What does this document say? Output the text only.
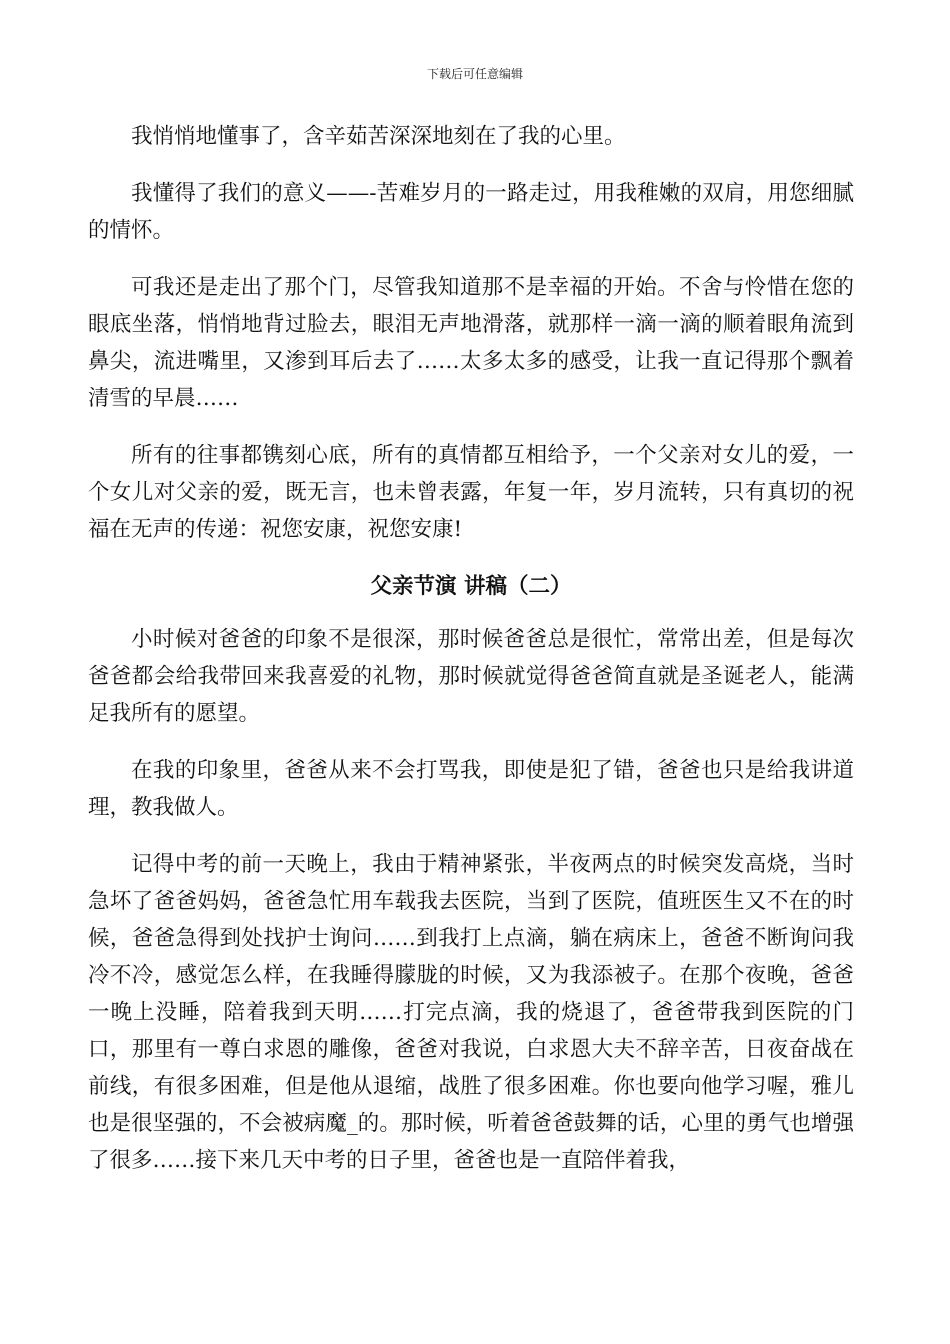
下载后可任意编辑

我悄悄地懂事了，含辛茹苦深深地刻在了我的心里。

我懂得了我们的意义——-苦难岁月的一路走过，用我稚嫩的双肩，用您细腻的情怀。

可我还是走出了那个门，尽管我知道那不是幸福的开始。不舍与怜惜在您的眼底坐落，悄悄地背过脸去，眼泪无声地滑落，就那样一滴一滴的顺着眼角流到鼻尖，流进嘴里，又渗到耳后去了……太多太多的感受，让我一直记得那个飘着清雪的早晨……

所有的往事都镌刻心底，所有的真情都互相给予，一个父亲对女儿的爱，一个女儿对父亲的爱，既无言，也未曾表露，年复一年，岁月流转，只有真切的祝福在无声的传递：祝您安康，祝您安康!

父亲节演 讲稿（二）

小时候对爸爸的印象不是很深，那时候爸爸总是很忙，常常出差，但是每次爸爸都会给我带回来我喜爱的礼物，那时候就觉得爸爸简直就是圣诞老人，能满足我所有的愿望。

在我的印象里，爸爸从来不会打骂我，即使是犯了错，爸爸也只是给我讲道理，教我做人。

记得中考的前一天晚上，我由于精神紧张，半夜两点的时候突发高烧，当时急坏了爸爸妈妈，爸爸急忙用车载我去医院，当到了医院，值班医生又不在的时候，爸爸急得到处找护士询问……到我打上点滴，躺在病床上，爸爸不断询问我冷不冷，感觉怎么样，在我睡得朦胧的时候，又为我添被子。在那个夜晚，爸爸一晚上没睡，陪着我到天明……打完点滴，我的烧退了，爸爸带我到医院的门口，那里有一尊白求恩的雕像，爸爸对我说，白求恩大夫不辞辛苦，日夜奋战在前线，有很多困难，但是他从退缩，战胜了很多困难。你也要向他学习喔，雅儿也是很坚强的，不会被病魔_的。那时候，听着爸爸鼓舞的话，心里的勇气也增强了很多……接下来几天中考的日子里，爸爸也是一直陪伴着我，
